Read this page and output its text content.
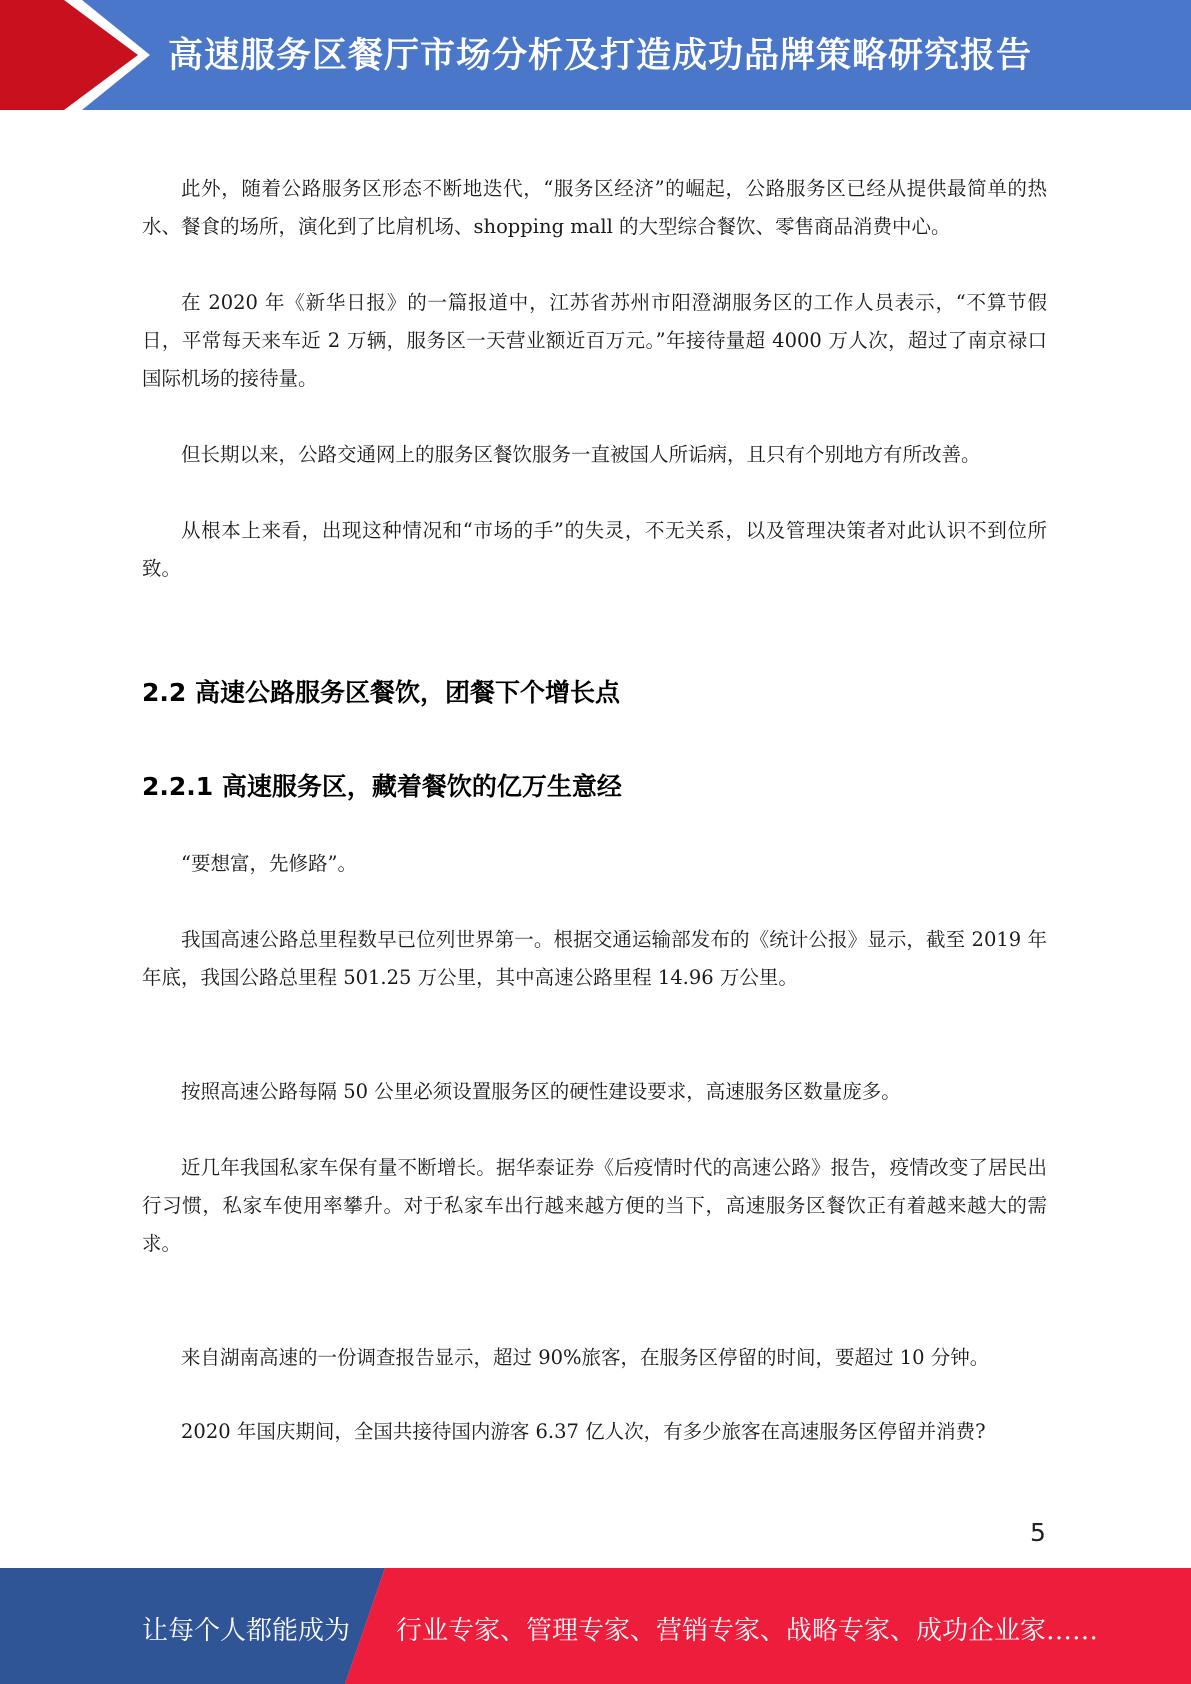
高速服务区餐厅市场分析及打造成功品牌策略研究报告

此外，随着公路服务区形态不断地迭代，“服务区经济”的崛起，公路服务区已经从提供最简单的热水、餐食的场所，演化到了比肩机场、shopping mall 的大型综合餐饮、零售商品消费中心。

在 2020 年《新华日报》的一篇报道中，江苏省苏州市阳澄湖服务区的工作人员表示，“不算节假日，平常每天来车近 2 万辆，服务区一天营业额近百万元。”年接待量超 4000 万人次，超过了南京禄口国际机场的接待量。

但长期以来，公路交通网上的服务区餐饮服务一直被国人所诟病，且只有个别地方有所改善。

从根本上来看，出现这种情况和“市场的手”的失灵，不无关系，以及管理决策者对此认识不到位所致。

2.2 高速公路服务区餐饮，团餐下个增长点
2.2.1 高速服务区，藏着餐饮的亿万生意经

“要想富，先修路”。

我国高速公路总里程数早已位列世界第一。根据交通运输部发布的《统计公报》显示，截至 2019 年年底，我国公路总里程 501.25 万公里，其中高速公路里程 14.96 万公里。

按照高速公路每隔 50 公里必须设置服务区的硬性建设要求，高速服务区数量庞多。

近几年我国私家车保有量不断增长。据华泰证券《后疫情时代的高速公路》报告，疫情改变了居民出行习惯，私家车使用率攀升。对于私家车出行越来越方便的当下，高速服务区餐饮正有着越来越大的需求。

来自湖南高速的一份调查报告显示，超过 90%旅客，在服务区停留的时间，要超过 10 分钟。

2020 年国庆期间，全国共接待国内游客 6.37 亿人次，有多少旅客在高速服务区停留并消费?

5
让每个人都能成为 行业专家、管理专家、营销专家、战略专家、成功企业家……
